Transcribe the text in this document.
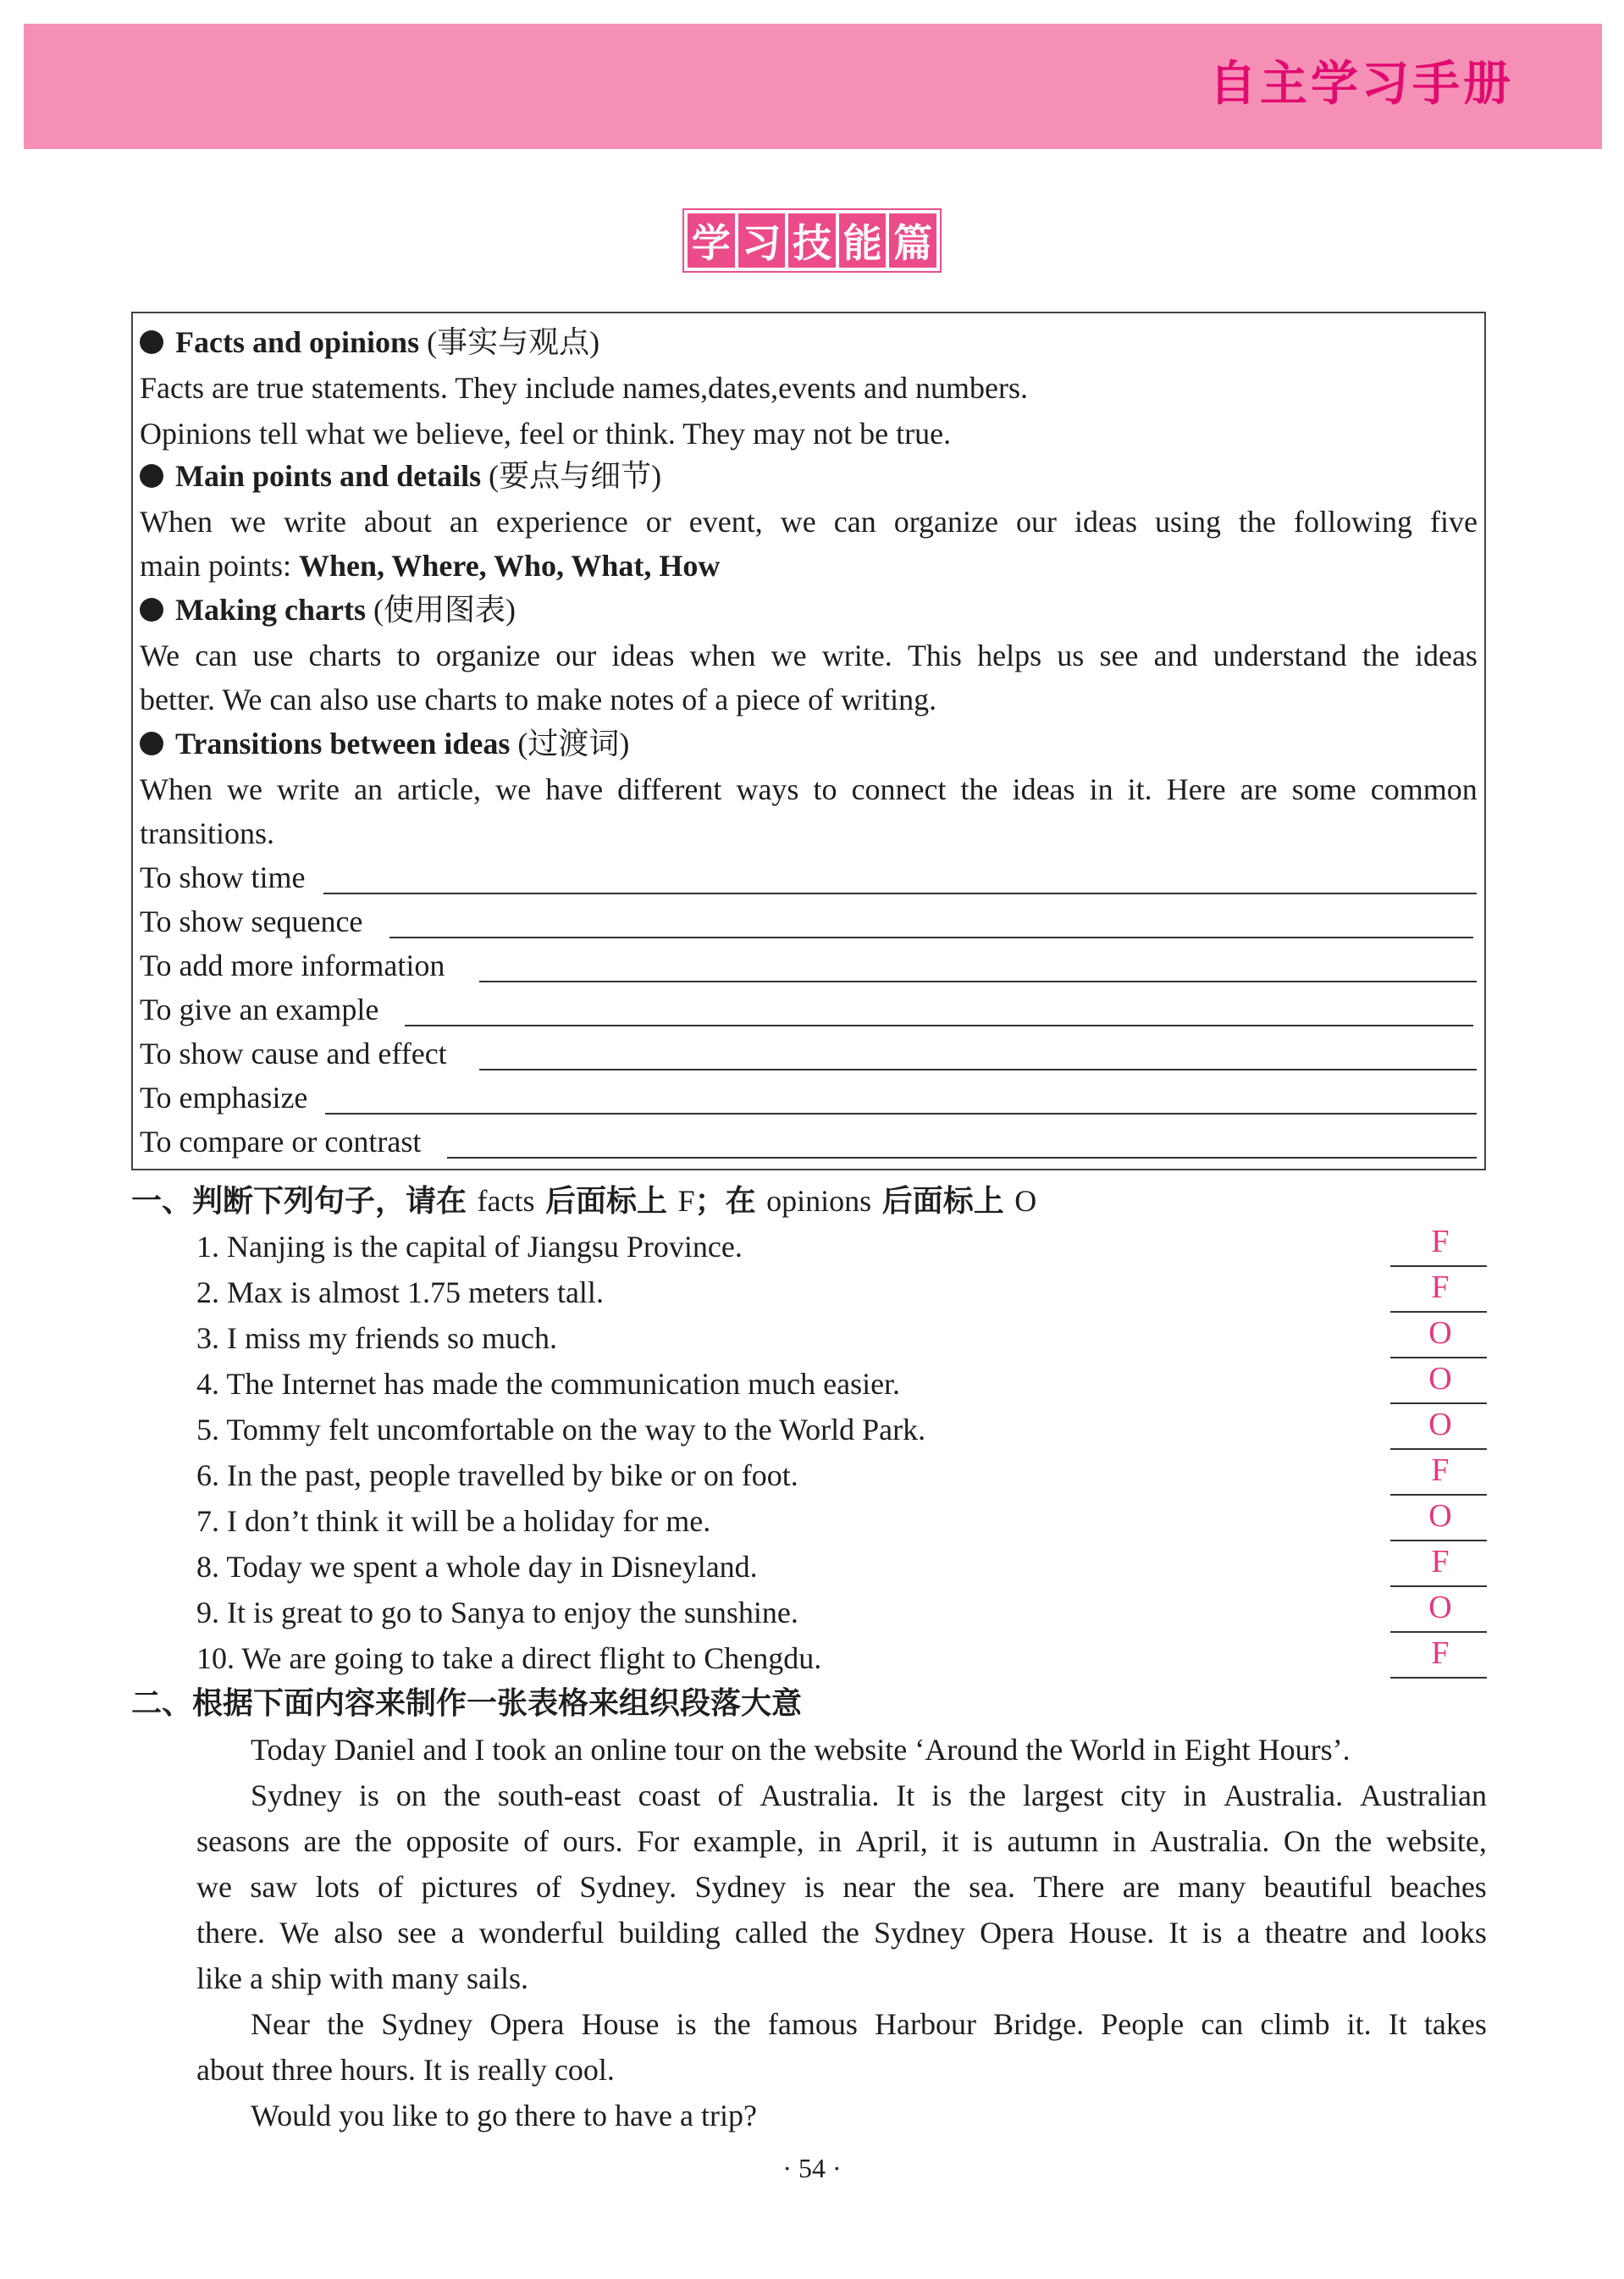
自主学习手册
学 习 技 能 篇
Facts and opinions (事实与观点)
Facts are true statements. They include names,dates,events and numbers.
Opinions tell what we believe, feel or think. They may not be true.
Main points and details (要点与细节)
When we write about an experience or event, we can organize our ideas using the following five
main points: When, Where, Who, What, How
Making charts (使用图表)
We can use charts to organize our ideas when we write. This helps us see and understand the ideas
better. We can also use charts to make notes of a piece of writing.
Transitions between ideas (过渡词)
When we write an article, we have different ways to connect the ideas in it. Here are some common
transitions.
To show time
To show sequence
To add more information
To give an example
To show cause and effect
To emphasize
To compare or contrast
一、判断下列句子，请在 facts 后面标上 F；在 opinions 后面标上 O
1. Nanjing is the capital of Jiangsu Province.	F
2. Max is almost 1.75 meters tall.	F
3. I miss my friends so much.	O
4. The Internet has made the communication much easier.	O
5. Tommy felt uncomfortable on the way to the World Park.	O
6. In the past, people travelled by bike or on foot.	F
7. I don’t think it will be a holiday for me.	O
8. Today we spent a whole day in Disneyland.	F
9. It is great to go to Sanya to enjoy the sunshine.	O
10. We are going to take a direct flight to Chengdu.	F
二、根据下面内容来制作一张表格来组织段落大意
Today Daniel and I took an online tour on the website ‘Around the World in Eight Hours’.
Sydney is on the south-east coast of Australia. It is the largest city in Australia. Australian
seasons are the opposite of ours. For example, in April, it is autumn in Australia. On the website,
we saw lots of pictures of Sydney. Sydney is near the sea. There are many beautiful beaches
there. We also see a wonderful building called the Sydney Opera House. It is a theatre and looks
like a ship with many sails.
Near the Sydney Opera House is the famous Harbour Bridge. People can climb it. It takes
about three hours. It is really cool.
Would you like to go there to have a trip?
· 54 ·
